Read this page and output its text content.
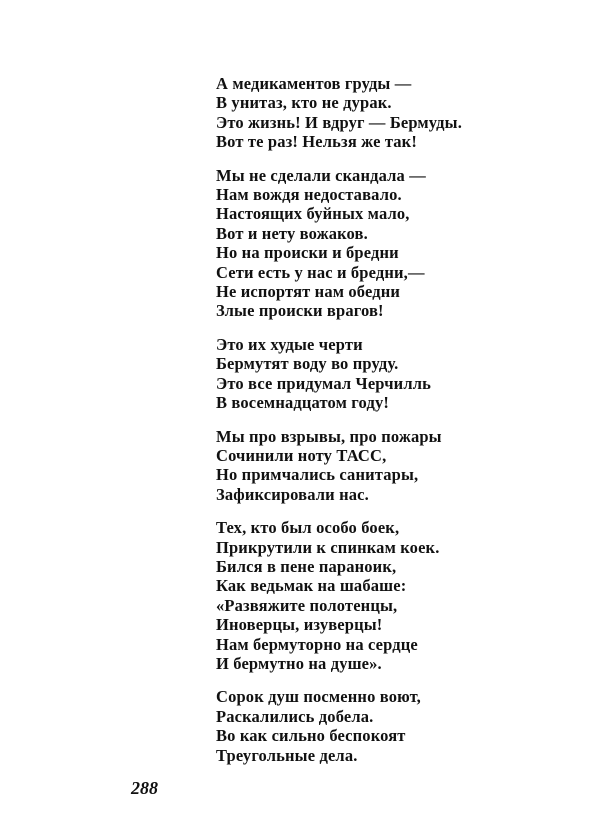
А медикаментов груды —
В унитаз, кто не дурак.
Это жизнь! И вдруг — Бермуды.
Вот те раз! Нельзя же так!
Мы не сделали скандала —
Нам вождя недоставало.
Настоящих буйных мало,
Вот и нету вожаков.
Но на происки и бредни
Сети есть у нас и бредни,—
Не испортят нам обедни
Злые происки врагов!
Это их худые черти
Бермутят воду во пруду.
Это все придумал Черчилль
В восемнадцатом году!
Мы про взрывы, про пожары
Сочинили ноту ТАСС,
Но примчались санитары,
Зафиксировали нас.
Тех, кто был особо боек,
Прикрутили к спинкам коек.
Бился в пене параноик,
Как ведьмак на шабаше:
«Развяжите полотенцы,
Иноверцы, изуверцы!
Нам бермуторно на сердце
И бермутно на душе».
Сорок душ посменно воют,
Раскалились добела.
Во как сильно беспокоят
Треугольные дела.
288
